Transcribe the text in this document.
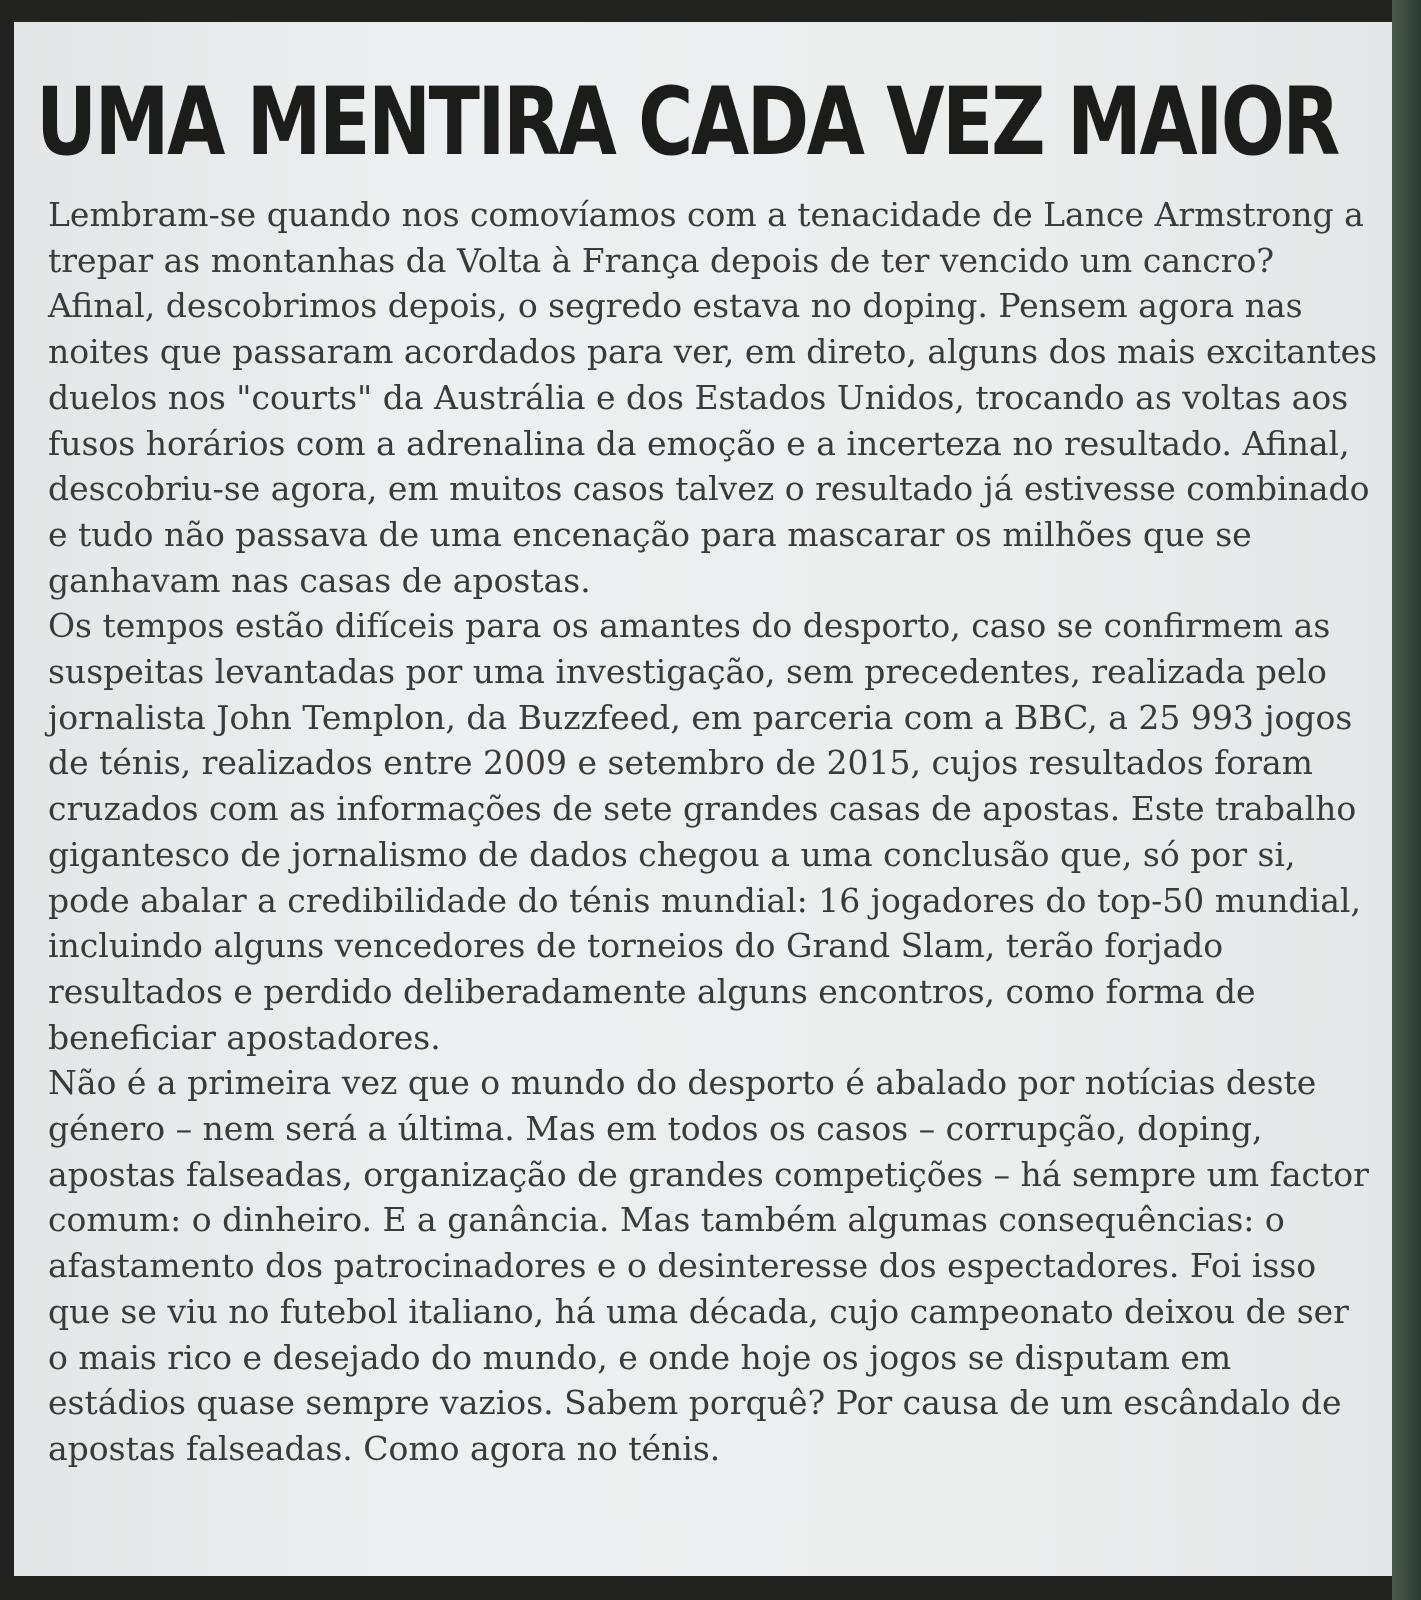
UMA MENTIRA CADA VEZ MAIOR

Lembram-se quando nos comovíamos com a tenacidade de Lance Armstrong a trepar as montanhas da Volta à França depois de ter vencido um cancro? Afinal, descobrimos depois, o segredo estava no doping. Pensem agora nas noites que passaram acordados para ver, em direto, alguns dos mais excitantes duelos nos "courts" da Austrália e dos Estados Unidos, trocando as voltas aos fusos horários com a adrenalina da emoção e a incerteza no resultado. Afinal, descobriu-se agora, em muitos casos talvez o resultado já estivesse combinado e tudo não passava de uma encenação para mascarar os milhões que se ganhavam nas casas de apostas.

Os tempos estão difíceis para os amantes do desporto, caso se confirmem as suspeitas levantadas por uma investigação, sem precedentes, realizada pelo jornalista John Templon, da Buzzfeed, em parceria com a BBC, a 25 993 jogos de ténis, realizados entre 2009 e setembro de 2015, cujos resultados foram cruzados com as informações de sete grandes casas de apostas. Este trabalho gigantesco de jornalismo de dados chegou a uma conclusão que, só por si, pode abalar a credibilidade do ténis mundial: 16 jogadores do top-50 mundial, incluindo alguns vencedores de torneios do Grand Slam, terão forjado resultados e perdido deliberadamente alguns encontros, como forma de beneficiar apostadores.

Não é a primeira vez que o mundo do desporto é abalado por notícias deste género – nem será a última. Mas em todos os casos – corrupção, doping, apostas falseadas, organização de grandes competições – há sempre um factor comum: o dinheiro. E a ganância. Mas também algumas consequências: o afastamento dos patrocinadores e o desinteresse dos espectadores. Foi isso que se viu no futebol italiano, há uma década, cujo campeonato deixou de ser o mais rico e desejado do mundo, e onde hoje os jogos se disputam em estádios quase sempre vazios. Sabem porquê? Por causa de um escândalo de apostas falseadas. Como agora no ténis.
